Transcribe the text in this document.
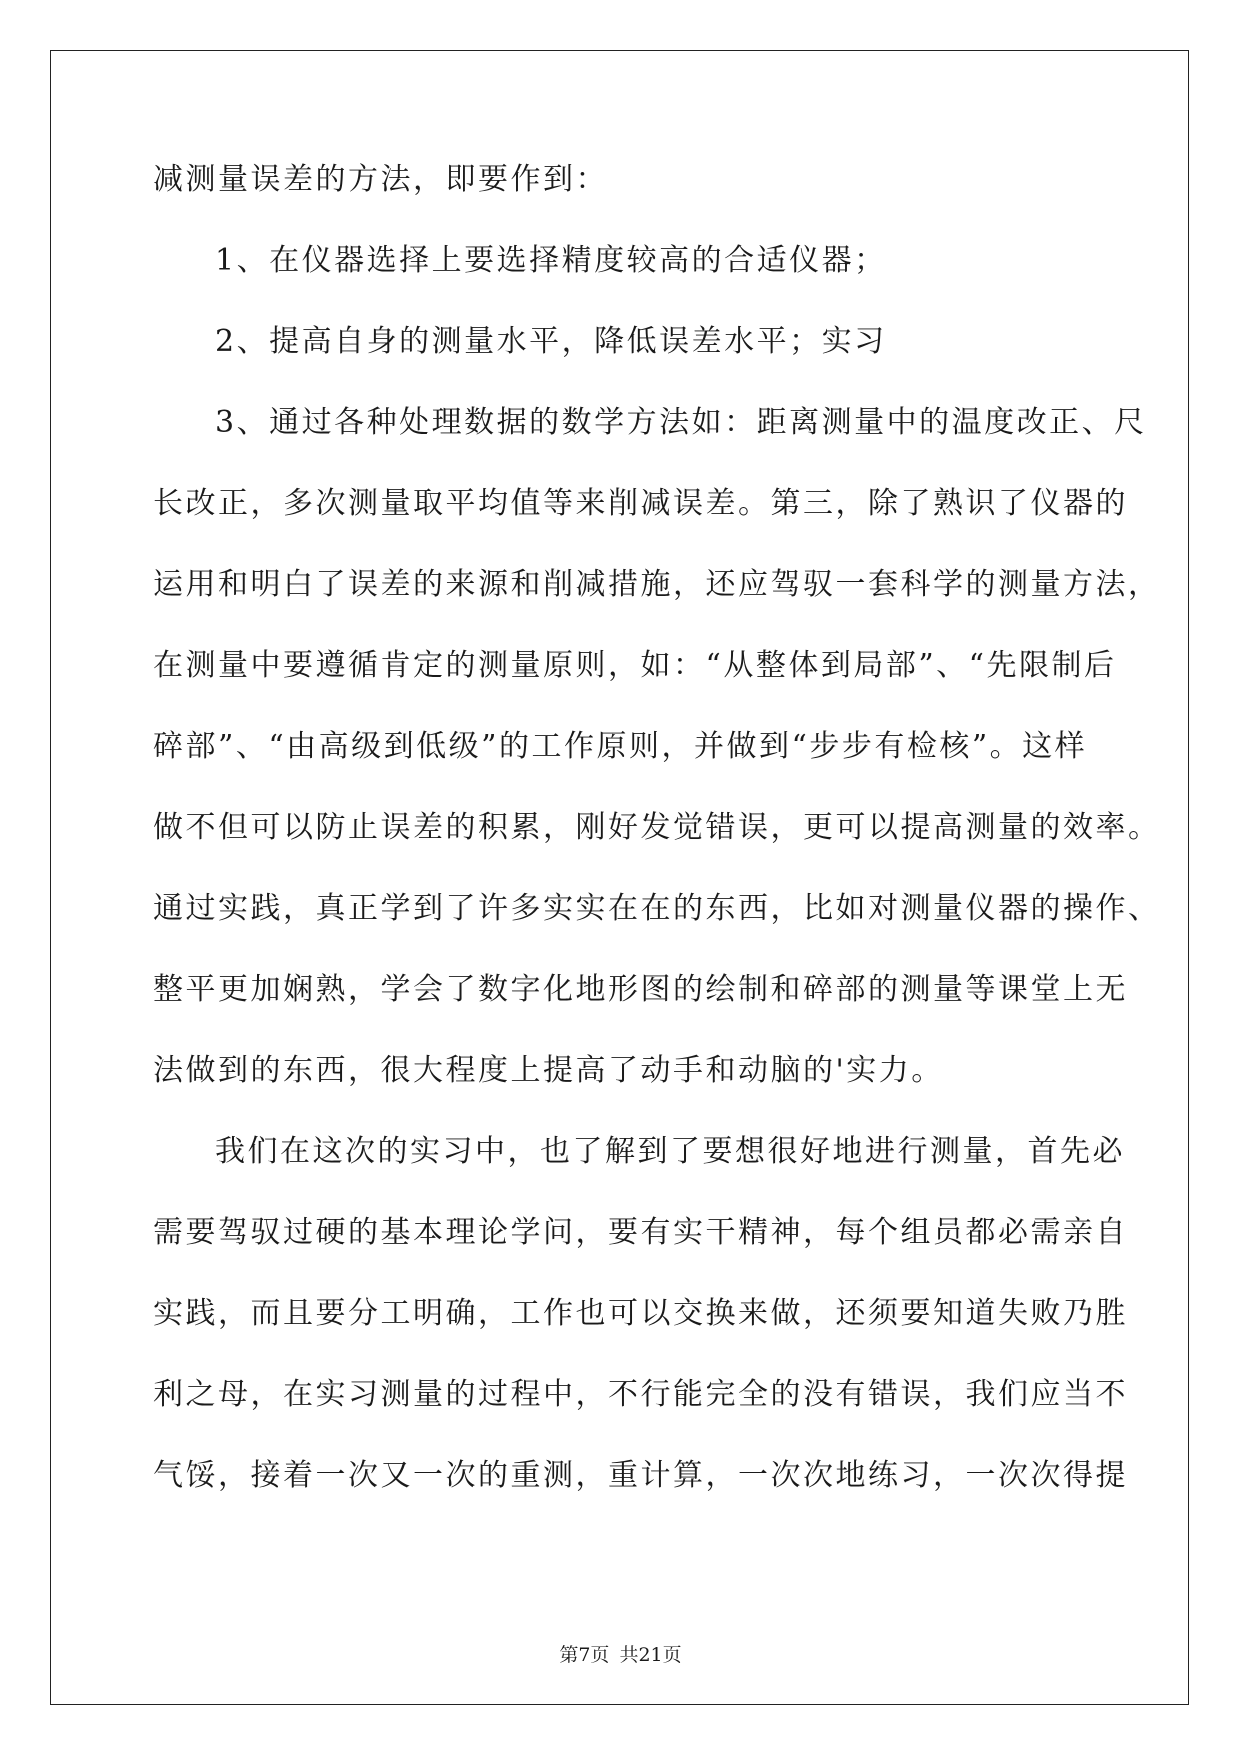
减测量误差的方法，即要作到：
1、在仪器选择上要选择精度较高的合适仪器；
2、提高自身的测量水平，降低误差水平；实习
3、通过各种处理数据的数学方法如：距离测量中的温度改正、尺
长改正，多次测量取平均值等来削减误差。第三，除了熟识了仪器的
运用和明白了误差的来源和削减措施，还应驾驭一套科学的测量方法，
在测量中要遵循肯定的测量原则，如：“从整体到局部”、“先限制后
碎部”、“由高级到低级”的工作原则，并做到“步步有检核”。这样
做不但可以防止误差的积累，刚好发觉错误，更可以提高测量的效率。
通过实践，真正学到了许多实实在在的东西，比如对测量仪器的操作、
整平更加娴熟，学会了数字化地形图的绘制和碎部的测量等课堂上无
法做到的东西，很大程度上提高了动手和动脑的'实力。
我们在这次的实习中，也了解到了要想很好地进行测量，首先必
需要驾驭过硬的基本理论学问，要有实干精神，每个组员都必需亲自
实践，而且要分工明确，工作也可以交换来做，还须要知道失败乃胜
利之母，在实习测量的过程中，不行能完全的没有错误，我们应当不
气馁，接着一次又一次的重测，重计算，一次次地练习，一次次得提
第7页 共21页
